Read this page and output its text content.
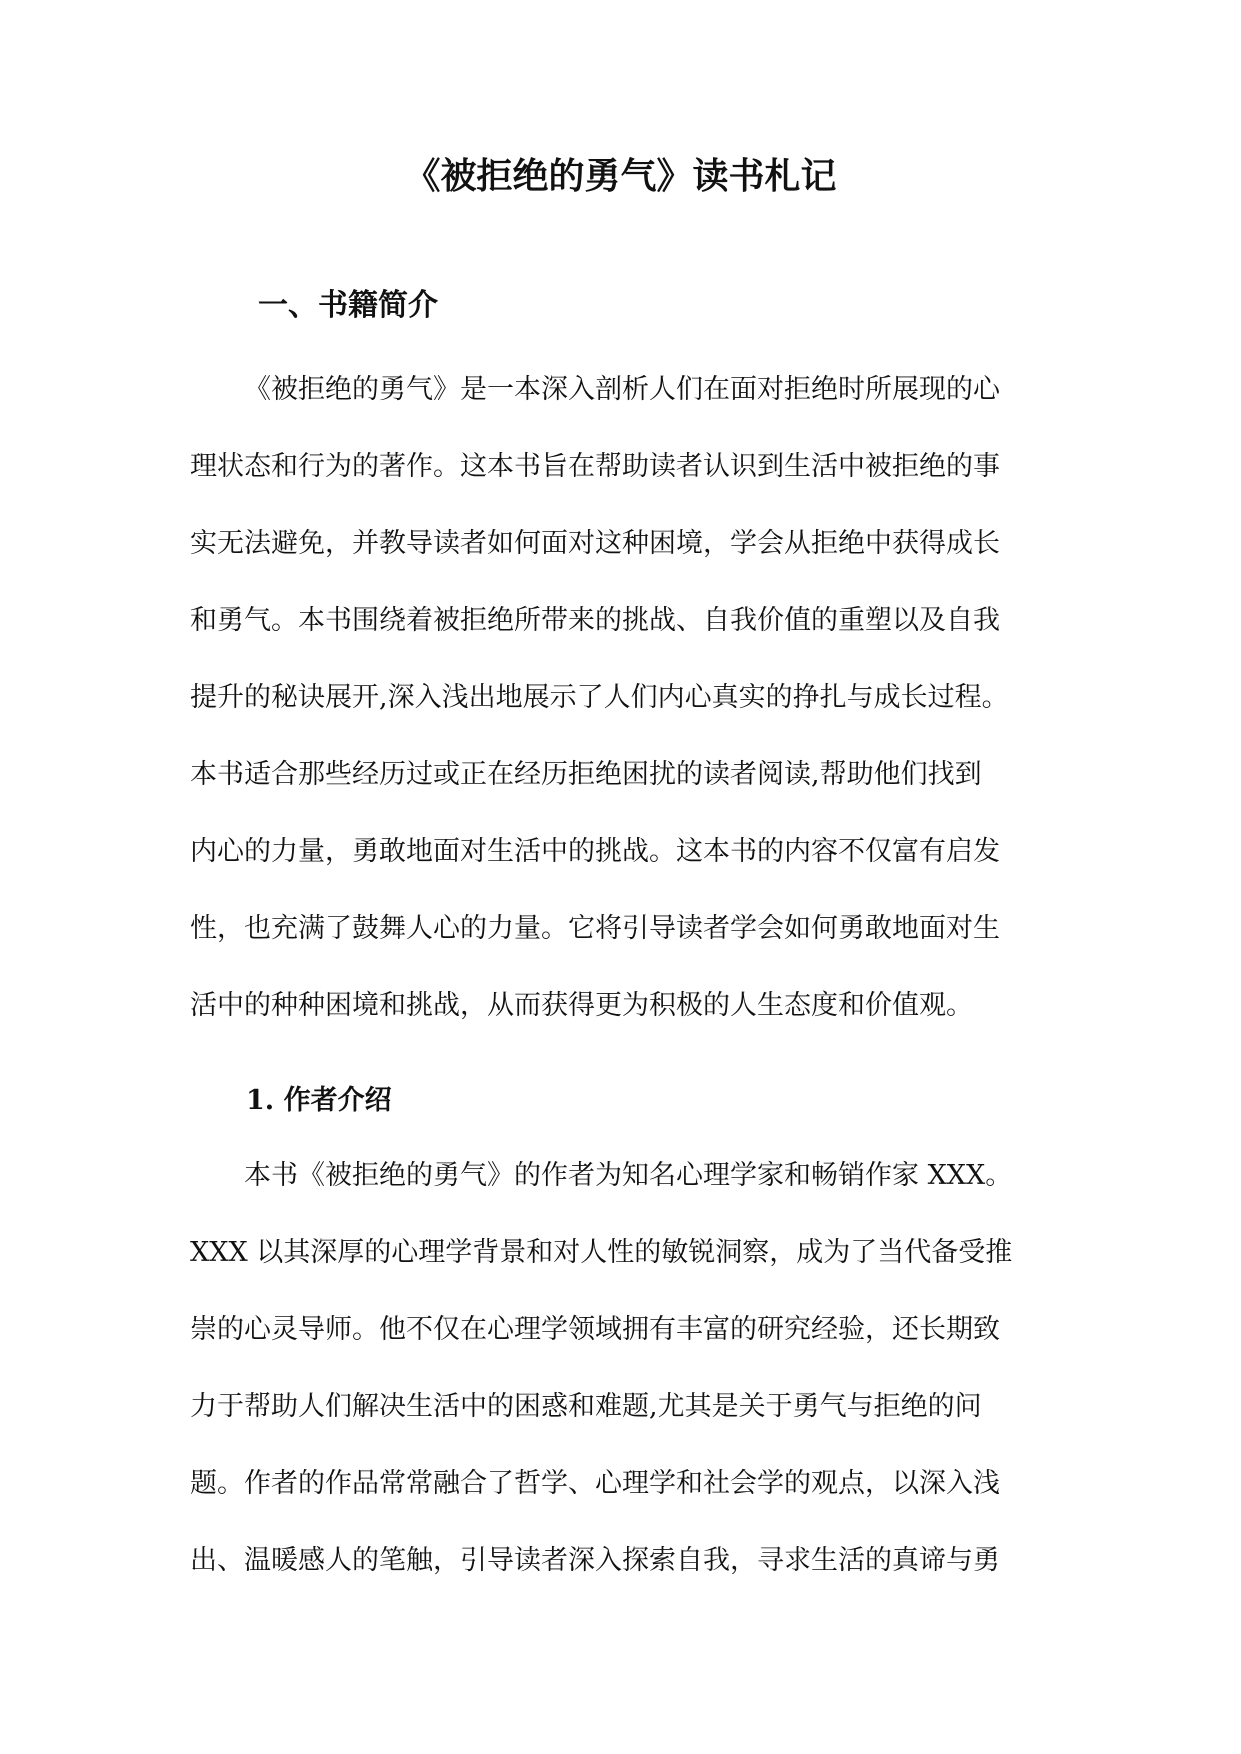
《被拒绝的勇气》读书札记
一、书籍简介
《被拒绝的勇气》是一本深入剖析人们在面对拒绝时所展现的心
理状态和行为的著作。这本书旨在帮助读者认识到生活中被拒绝的事
实无法避免，并教导读者如何面对这种困境，学会从拒绝中获得成长
和勇气。本书围绕着被拒绝所带来的挑战、自我价值的重塑以及自我
提升的秘诀展开,深入浅出地展示了人们内心真实的挣扎与成长过程。
本书适合那些经历过或正在经历拒绝困扰的读者阅读,帮助他们找到
内心的力量，勇敢地面对生活中的挑战。这本书的内容不仅富有启发
性，也充满了鼓舞人心的力量。它将引导读者学会如何勇敢地面对生
活中的种种困境和挑战，从而获得更为积极的人生态度和价值观。
1. 作者介绍
本书《被拒绝的勇气》的作者为知名心理学家和畅销作家 XXX。
XXX 以其深厚的心理学背景和对人性的敏锐洞察，成为了当代备受推
崇的心灵导师。他不仅在心理学领域拥有丰富的研究经验，还长期致
力于帮助人们解决生活中的困惑和难题,尤其是关于勇气与拒绝的问
题。作者的作品常常融合了哲学、心理学和社会学的观点，以深入浅
出、温暖感人的笔触，引导读者深入探索自我，寻求生活的真谛与勇
